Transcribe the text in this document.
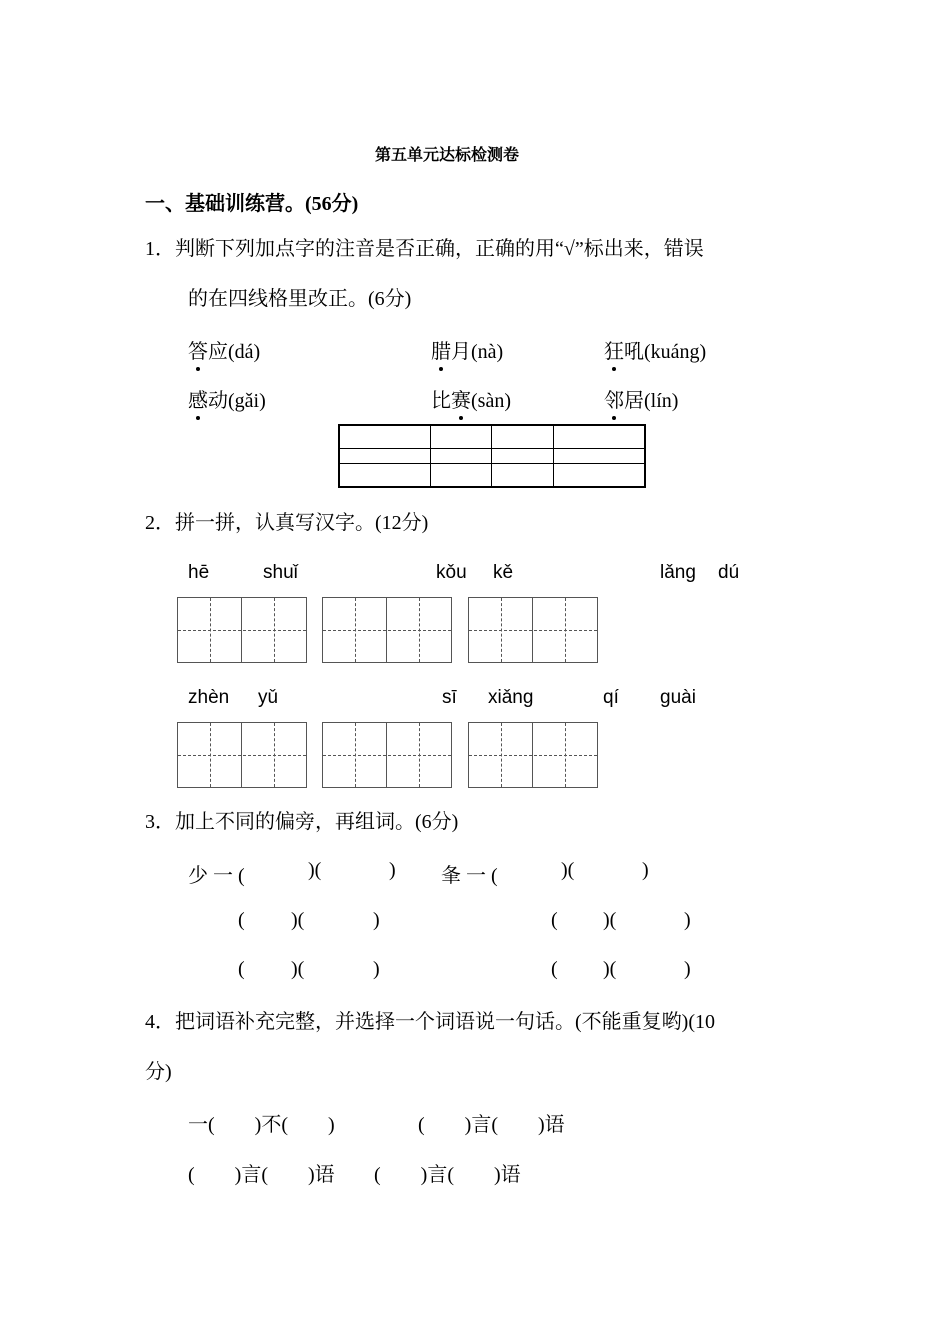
第五单元达标检测卷
一、基础训练营。(56分)
1．判断下列加点字的注音是否正确，正确的用“√”标出来，错误
的在四线格里改正。(6分)
答应(dá)	腊月(nà)	狂吼(kuáng)
感动(gǎi)	比赛(sàn)	邻居(lín)

2．拼一拼，认真写汉字。(12分)
hē	shuǐ	kǒu kě	lǎng dú
zhèn yǔ	sī xiǎng	qí guài
3．加上不同的偏旁，再组词。(6分)
少 一 (	)(	) 夆 一 (	)(	)
( )(	)	( )(	)
( )(	)	( )(	)
4．把词语补充完整，并选择一个词语说一句话。(不能重复哟)(10
分)
一(　　)不(　　)	(　　)言(　　)语
(　　)言(　　)语 (　　)言(　　)语
